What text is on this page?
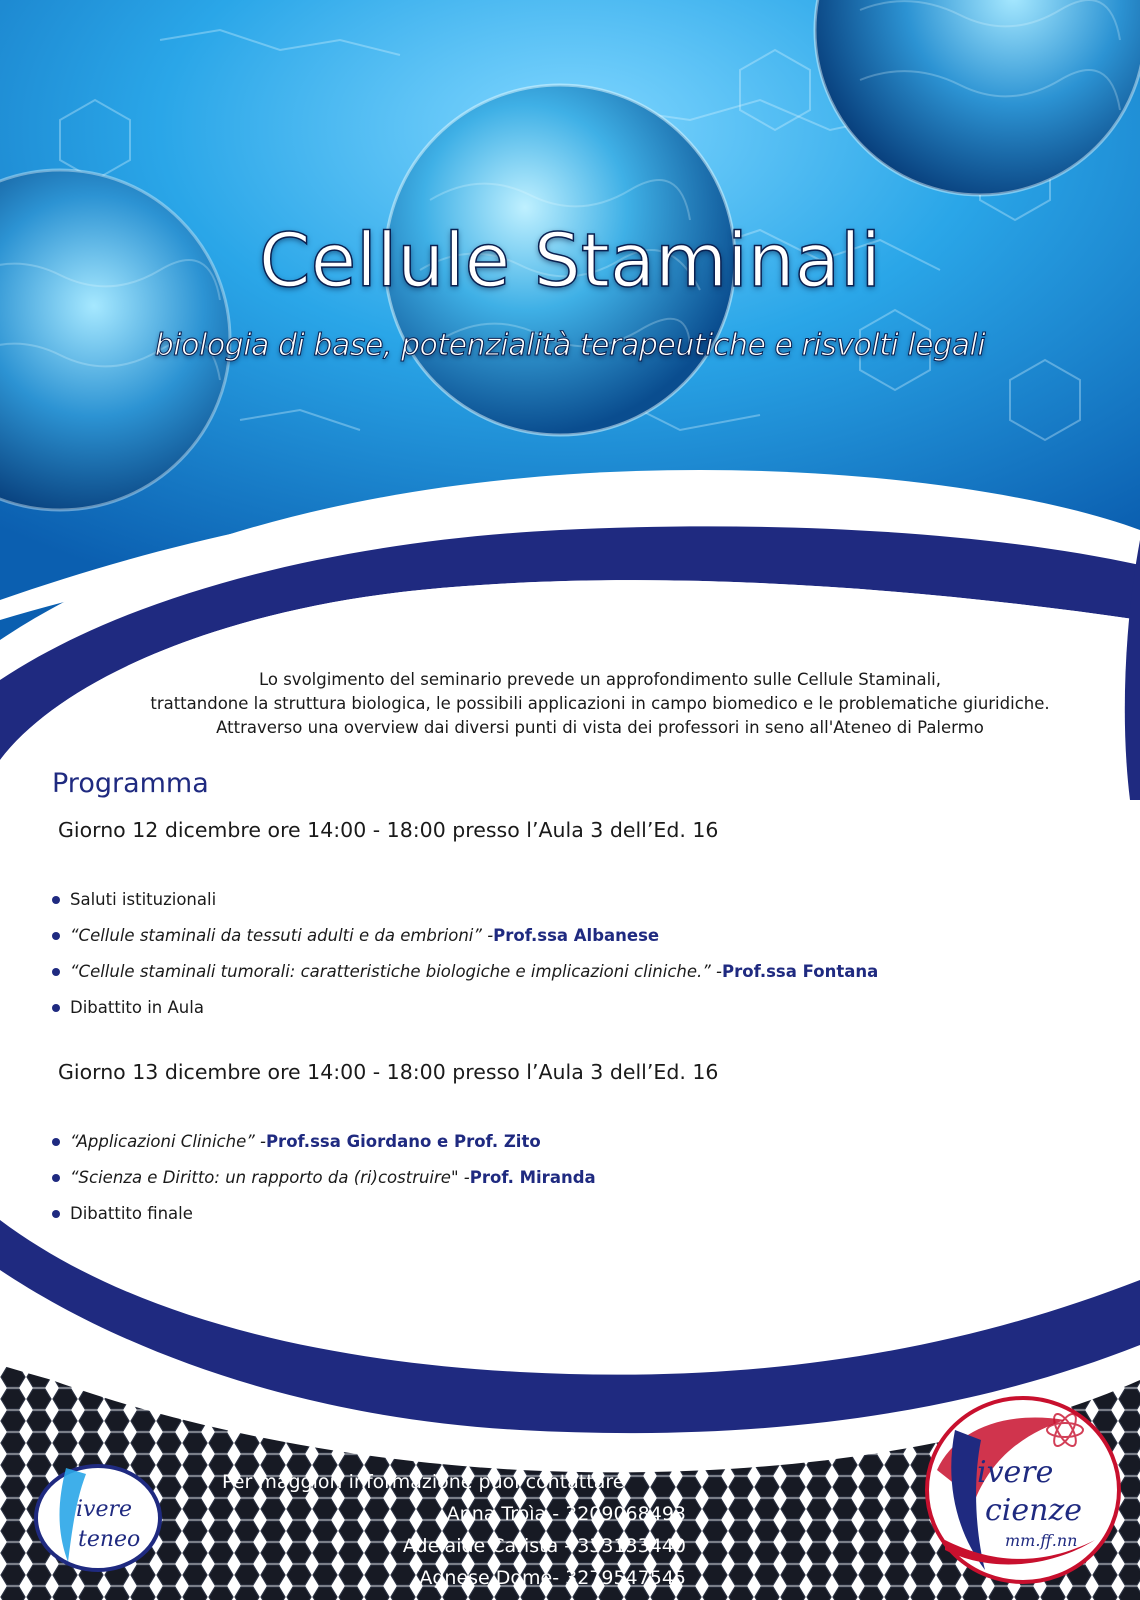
Cellule Staminali
biologia di base, potenzialità terapeutiche e risvolti legali
Lo svolgimento del seminario prevede un approfondimento sulle Cellule Staminali,
trattandone la struttura biologica, le possibili applicazioni in campo biomedico e le problematiche giuridiche.
Attraverso una overview dai diversi punti di vista dei professori in seno all'Ateneo di Palermo
Programma
Giorno 12 dicembre ore 14:00 - 18:00 presso l’Aula 3 dell’Ed. 16
Saluti istituzionali
“Cellule staminali da tessuti adulti e da embrioni” - Prof.ssa Albanese
“Cellule staminali tumorali: caratteristiche biologiche e implicazioni cliniche.” - Prof.ssa Fontana
Dibattito in Aula
Giorno 13 dicembre ore 14:00 - 18:00 presso l’Aula 3 dell’Ed. 16
“Applicazioni Cliniche” - Prof.ssa Giordano e Prof. Zito
“Scienza e Diritto: un rapporto da (ri)costruire" - Prof. Miranda
Dibattito finale
Per maggiori informazione puoi contattare
Anna Troìa - 3209068493
Adelaide Carista - 333133440
Agnese Domè- 3279547545
ivere
teneo
ivere
cienze
mm.ff.nn
